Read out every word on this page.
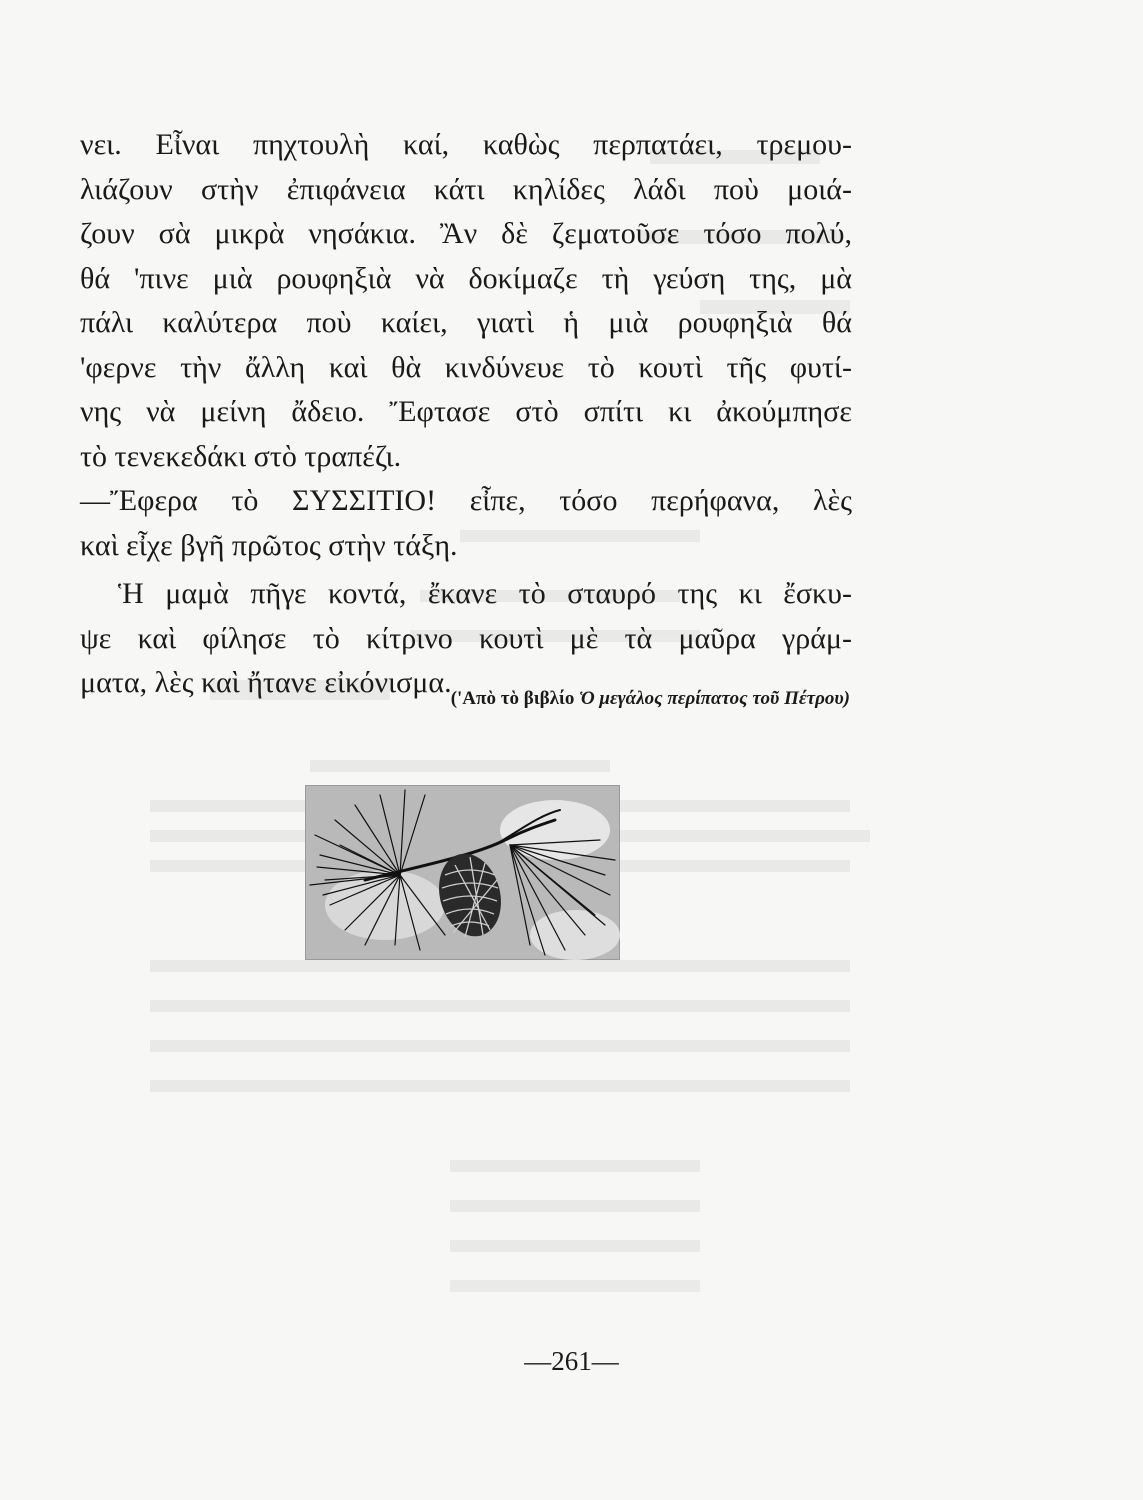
νει. Εἶναι πηχτουλὴ καί, καθὼς περπατάει, τρεμου-
λιάζουν στὴν ἐπιφάνεια κάτι κηλίδες λάδι ποὺ μοιά-
ζουν σὰ μικρὰ νησάκια. Ἂν δὲ ζεματοῦσε τόσο πολύ,
θά 'πινε μιὰ ρουφηξιὰ νὰ δοκίμαζε τὴ γεύση της, μὰ
πάλι καλύτερα ποὺ καίει, γιατὶ ἡ μιὰ ρουφηξιὰ θά
'φερνε τὴν ἄλλη καὶ θὰ κινδύνευε τὸ κουτὶ τῆς φυτί-
νης νὰ μείνη ἄδειο. Ἔφτασε στὸ σπίτι κι ἀκούμπησε
τὸ τενεκεδάκι στὸ τραπέζι.
—Ἔφερα τὸ ΣΥΣΣΙΤΙΟ! εἶπε, τόσο περήφανα, λὲς
καὶ εἶχε βγῆ πρῶτος στὴν τάξη.
Ἡ μαμὰ πῆγε κοντά, ἔκανε τὸ σταυρό της κι ἔσκυ-
ψε καὶ φίλησε τὸ κίτρινο κουτὶ μὲ τὰ μαῦρα γράμ-
ματα, λὲς καὶ ἤτανε εἰκόνισμα. ('Απὸ τὸ βιβλίο Ὁ μεγάλος περίπατος τοῦ Πέτρου)
—261—
